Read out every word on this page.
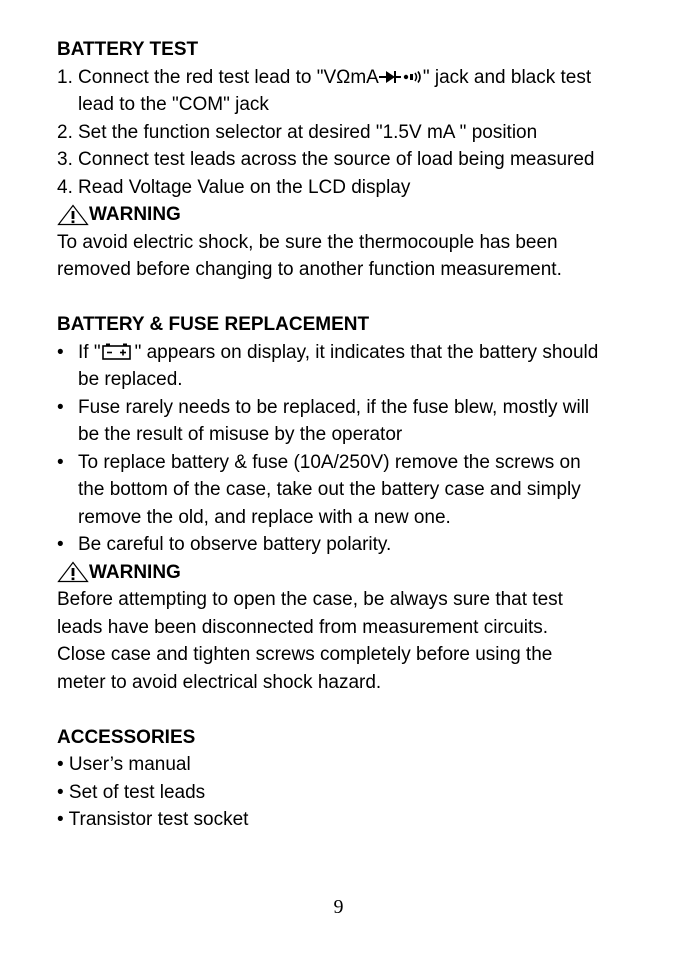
BATTERY TEST
1. Connect the red test lead to "VΩmA " jack and black test
lead to the "COM" jack
2. Set the function selector at desired "1.5V mA " position
3. Connect test leads across the source of load being measured
4. Read Voltage Value on the LCD display
WARNING
To avoid electric shock, be sure the thermocouple has been
removed before changing to another function measurement.
BATTERY & FUSE REPLACEMENT
• If " " appears on display, it indicates that the battery should
be replaced.
• Fuse rarely needs to be replaced, if the fuse blew, mostly will
be the result of misuse by the operator
• To replace battery & fuse (10A/250V) remove the screws on
the bottom of the case, take out the battery case and simply
remove the old, and replace with a new one.
• Be careful to observe battery polarity.
WARNING
Before attempting to open the case, be always sure that test
leads have been disconnected from measurement circuits.
Close case and tighten screws completely before using the
meter to avoid electrical shock hazard.
ACCESSORIES
• User’s manual
• Set of test leads
• Transistor test socket
9
